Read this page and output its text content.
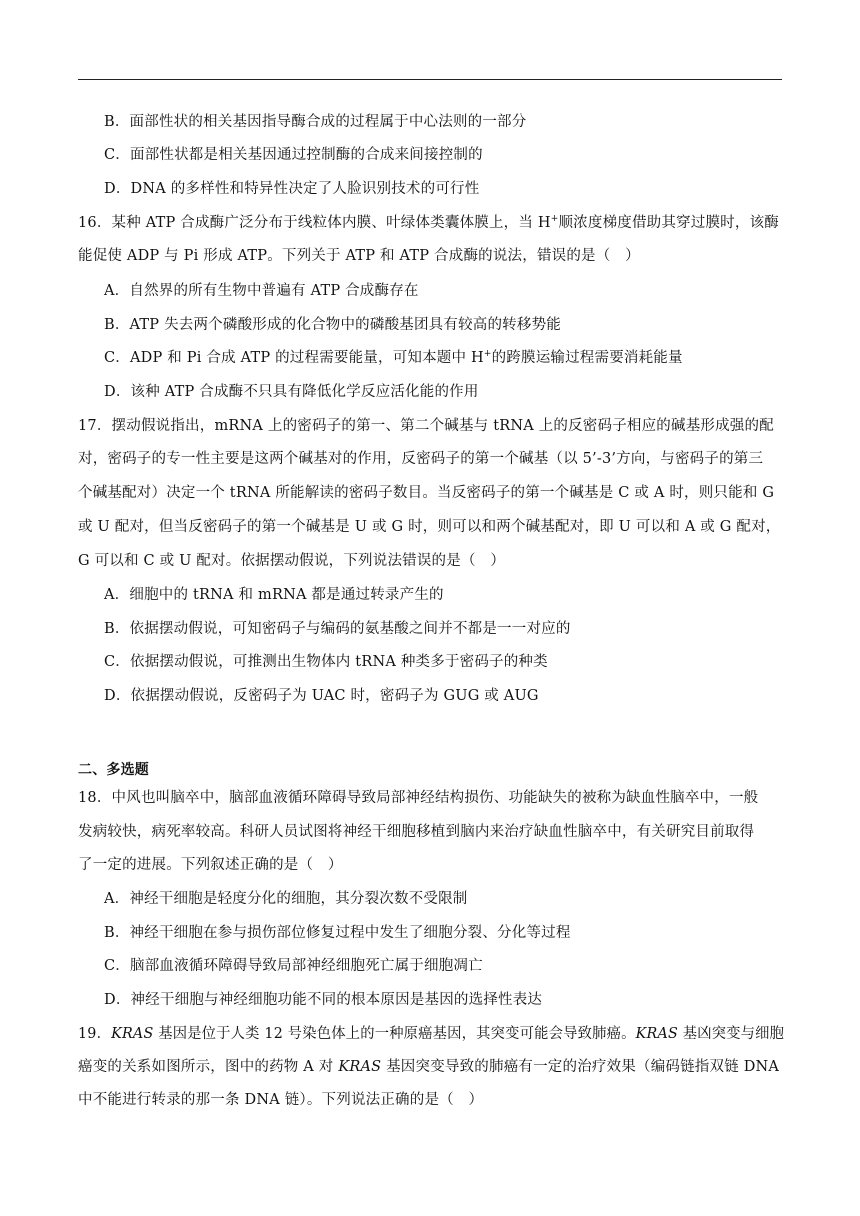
B．面部性状的相关基因指导酶合成的过程属于中心法则的一部分
C．面部性状都是相关基因通过控制酶的合成来间接控制的
D．DNA 的多样性和特异性决定了人脸识别技术的可行性
16．某种 ATP 合成酶广泛分布于线粒体内膜、叶绿体类囊体膜上，当 H+顺浓度梯度借助其穿过膜时，该酶
能促使 ADP 与 Pi 形成 ATP。下列关于 ATP 和 ATP 合成酶的说法，错误的是（　）
A．自然界的所有生物中普遍有 ATP 合成酶存在
B．ATP 失去两个磷酸形成的化合物中的磷酸基团具有较高的转移势能
C．ADP 和 Pi 合成 ATP 的过程需要能量，可知本题中 H+的跨膜运输过程需要消耗能量
D．该种 ATP 合成酶不只具有降低化学反应活化能的作用
17．摆动假说指出，mRNA 上的密码子的第一、第二个碱基与 tRNA 上的反密码子相应的碱基形成强的配
对，密码子的专一性主要是这两个碱基对的作用，反密码子的第一个碱基（以 5’-3’方向，与密码子的第三
个碱基配对）决定一个 tRNA 所能解读的密码子数目。当反密码子的第一个碱基是 C 或 A 时，则只能和 G
或 U 配对，但当反密码子的第一个碱基是 U 或 G 时，则可以和两个碱基配对，即 U 可以和 A 或 G 配对，
G 可以和 C 或 U 配对。依据摆动假说，下列说法错误的是（　）
A．细胞中的 tRNA 和 mRNA 都是通过转录产生的
B．依据摆动假说，可知密码子与编码的氨基酸之间并不都是一一对应的
C．依据摆动假说，可推测出生物体内 tRNA 种类多于密码子的种类
D．依据摆动假说，反密码子为 UAC 时，密码子为 GUG 或 AUG
二、多选题
18．中风也叫脑卒中，脑部血液循环障碍导致局部神经结构损伤、功能缺失的被称为缺血性脑卒中，一般
发病较快，病死率较高。科研人员试图将神经干细胞移植到脑内来治疗缺血性脑卒中，有关研究目前取得
了一定的进展。下列叙述正确的是（　）
A．神经干细胞是轻度分化的细胞，其分裂次数不受限制
B．神经干细胞在参与损伤部位修复过程中发生了细胞分裂、分化等过程
C．脑部血液循环障碍导致局部神经细胞死亡属于细胞凋亡
D．神经干细胞与神经细胞功能不同的根本原因是基因的选择性表达
19．KRAS 基因是位于人类 12 号染色体上的一种原癌基因，其突变可能会导致肺癌。KRAS 基凶突变与细胞
癌变的关系如图所示，图中的药物 A 对 KRAS 基因突变导致的肺癌有一定的治疗效果（编码链指双链 DNA
中不能进行转录的那一条 DNA 链）。下列说法正确的是（　）
